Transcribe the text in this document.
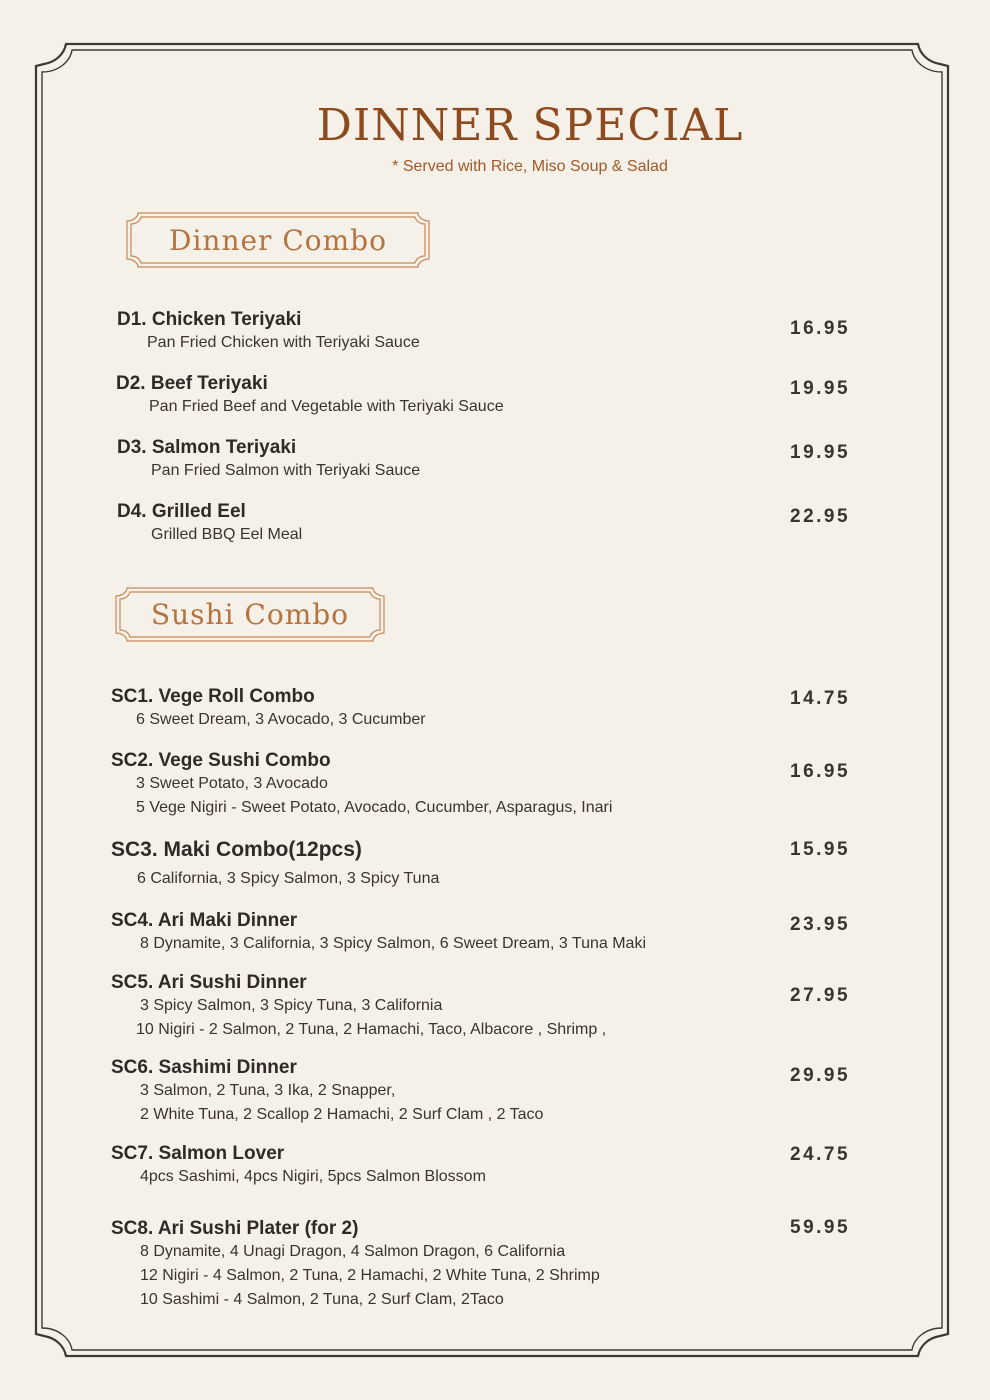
DINNER SPECIAL
* Served with Rice, Miso Soup & Salad
Dinner Combo
D1. Chicken Teriyaki
Pan Fried Chicken with Teriyaki Sauce
16.95
D2. Beef Teriyaki
Pan Fried Beef and Vegetable with Teriyaki Sauce
19.95
D3. Salmon Teriyaki
Pan Fried Salmon with Teriyaki Sauce
19.95
D4. Grilled Eel
Grilled BBQ Eel Meal
22.95
Sushi Combo
SC1. Vege Roll Combo
6 Sweet Dream, 3 Avocado, 3 Cucumber
14.75
SC2. Vege Sushi Combo
3 Sweet Potato, 3 Avocado
5 Vege Nigiri - Sweet Potato, Avocado, Cucumber, Asparagus, Inari
16.95
SC3. Maki Combo(12pcs)
6 California, 3 Spicy Salmon, 3 Spicy Tuna
15.95
SC4. Ari Maki Dinner
8 Dynamite, 3 California, 3 Spicy Salmon, 6 Sweet Dream, 3 Tuna Maki
23.95
SC5. Ari Sushi Dinner
3 Spicy Salmon, 3 Spicy Tuna, 3 California
10 Nigiri - 2 Salmon, 2 Tuna, 2 Hamachi, Taco, Albacore , Shrimp ,
27.95
SC6. Sashimi Dinner
3 Salmon, 2 Tuna, 3 Ika, 2 Snapper,
2 White Tuna, 2 Scallop 2 Hamachi, 2 Surf Clam , 2 Taco
29.95
SC7. Salmon Lover
4pcs Sashimi, 4pcs Nigiri, 5pcs Salmon Blossom
24.75
SC8. Ari Sushi Plater (for 2)
8 Dynamite, 4 Unagi Dragon, 4 Salmon Dragon, 6 California
12 Nigiri - 4 Salmon, 2 Tuna, 2 Hamachi, 2 White Tuna, 2 Shrimp
10 Sashimi - 4 Salmon, 2 Tuna, 2 Surf Clam, 2Taco
59.95
